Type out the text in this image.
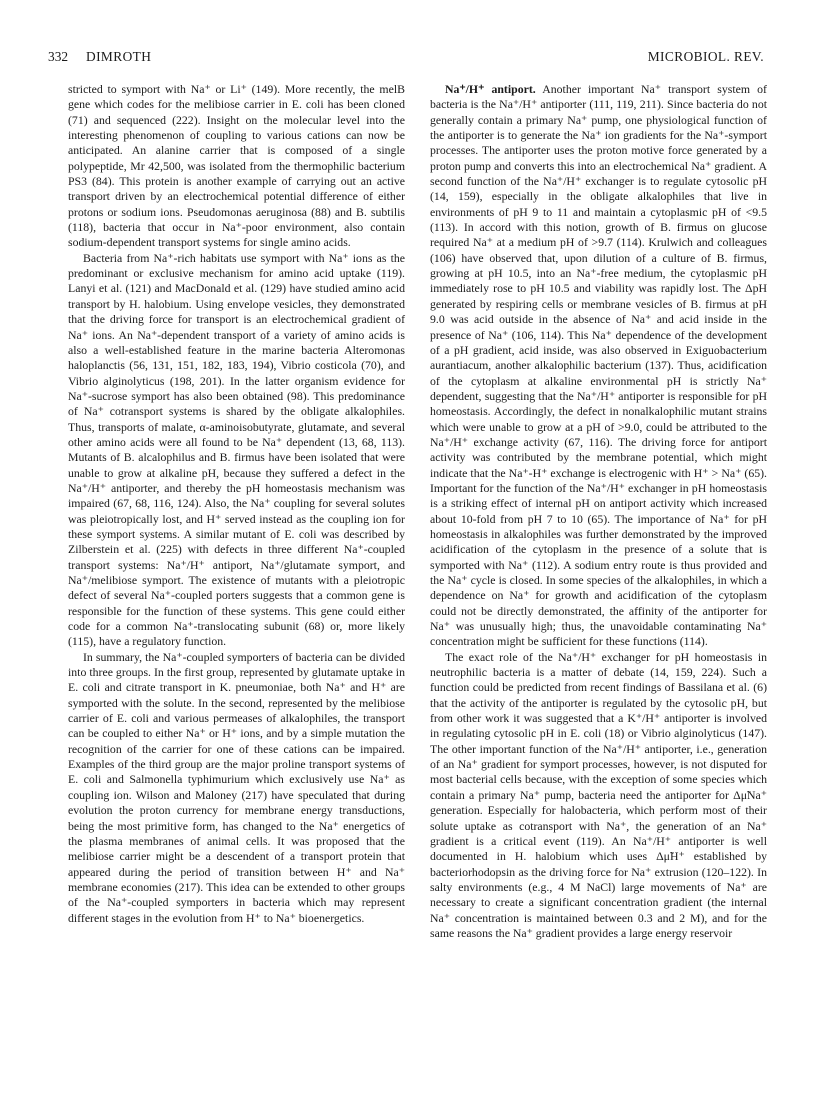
332 DIMROTH	MICROBIOL. REV.

stricted to symport with Na⁺ or Li⁺ (149). More recently, the melB gene which codes for the melibiose carrier in E. coli has been cloned (71) and sequenced (222). Insight on the molecular level into the interesting phenomenon of coupling to various cations can now be anticipated. An alanine carrier that is composed of a single polypeptide, Mr 42,500, was isolated from the thermophilic bacterium PS3 (84). This protein is another example of carrying out an active transport driven by an electrochemical potential difference of either protons or sodium ions. Pseudomonas aeruginosa (88) and B. subtilis (118), bacteria that occur in Na⁺-poor environment, also contain sodium-dependent transport systems for single amino acids.

Bacteria from Na⁺-rich habitats use symport with Na⁺ ions as the predominant or exclusive mechanism for amino acid uptake (119). Lanyi et al. (121) and MacDonald et al. (129) have studied amino acid transport by H. halobium. Using envelope vesicles, they demonstrated that the driving force for transport is an electrochemical gradient of Na⁺ ions. An Na⁺-dependent transport of a variety of amino acids is also a well-established feature in the marine bacteria Alteromonas haloplanctis (56, 131, 151, 182, 183, 194), Vibrio costicola (70), and Vibrio alginolyticus (198, 201). In the latter organism evidence for Na⁺-sucrose symport has also been obtained (98). This predominance of Na⁺ cotransport systems is shared by the obligate alkalophiles. Thus, transports of malate, α-aminoisobutyrate, glutamate, and several other amino acids were all found to be Na⁺ dependent (13, 68, 113). Mutants of B. alcalophilus and B. firmus have been isolated that were unable to grow at alkaline pH, because they suffered a defect in the Na⁺/H⁺ antiporter, and thereby the pH homeostasis mechanism was impaired (67, 68, 116, 124). Also, the Na⁺ coupling for several solutes was pleiotropically lost, and H⁺ served instead as the coupling ion for these symport systems. A similar mutant of E. coli was described by Zilberstein et al. (225) with defects in three different Na⁺-coupled transport systems: Na⁺/H⁺ antiport, Na⁺/glutamate symport, and Na⁺/melibiose symport. The existence of mutants with a pleiotropic defect of several Na⁺-coupled porters suggests that a common gene is responsible for the function of these systems. This gene could either code for a common Na⁺-translocating subunit (68) or, more likely (115), have a regulatory function.

In summary, the Na⁺-coupled symporters of bacteria can be divided into three groups. In the first group, represented by glutamate uptake in E. coli and citrate transport in K. pneumoniae, both Na⁺ and H⁺ are symported with the solute. In the second, represented by the melibiose carrier of E. coli and various permeases of alkalophiles, the transport can be coupled to either Na⁺ or H⁺ ions, and by a simple mutation the recognition of the carrier for one of these cations can be impaired. Examples of the third group are the major proline transport systems of E. coli and Salmonella typhimurium which exclusively use Na⁺ as coupling ion. Wilson and Maloney (217) have speculated that during evolution the proton currency for membrane energy transductions, being the most primitive form, has changed to the Na⁺ energetics of the plasma membranes of animal cells. It was proposed that the melibiose carrier might be a descendent of a transport protein that appeared during the period of transition between H⁺ and Na⁺ membrane economies (217). This idea can be extended to other groups of the Na⁺-coupled symporters in bacteria which may represent different stages in the evolution from H⁺ to Na⁺ bioenergetics.

Na⁺/H⁺ antiport. Another important Na⁺ transport system of bacteria is the Na⁺/H⁺ antiporter (111, 119, 211). Since bacteria do not generally contain a primary Na⁺ pump, one physiological function of the antiporter is to generate the Na⁺ ion gradients for the Na⁺-symport processes. The antiporter uses the proton motive force generated by a proton pump and converts this into an electrochemical Na⁺ gradient. A second function of the Na⁺/H⁺ exchanger is to regulate cytosolic pH (14, 159), especially in the obligate alkalophiles that live in environments of pH 9 to 11 and maintain a cytoplasmic pH of <9.5 (113). In accord with this notion, growth of B. firmus on glucose required Na⁺ at a medium pH of >9.7 (114). Krulwich and colleagues (106) have observed that, upon dilution of a culture of B. firmus, growing at pH 10.5, into an Na⁺-free medium, the cytoplasmic pH immediately rose to pH 10.5 and viability was rapidly lost. The ΔpH generated by respiring cells or membrane vesicles of B. firmus at pH 9.0 was acid outside in the absence of Na⁺ and acid inside in the presence of Na⁺ (106, 114). This Na⁺ dependence of the development of a pH gradient, acid inside, was also observed in Exiguobacterium aurantiacum, another alkalophilic bacterium (137). Thus, acidification of the cytoplasm at alkaline environmental pH is strictly Na⁺ dependent, suggesting that the Na⁺/H⁺ antiporter is responsible for pH homeostasis. Accordingly, the defect in nonalkalophilic mutant strains which were unable to grow at a pH of >9.0, could be attributed to the Na⁺/H⁺ exchange activity (67, 116). The driving force for antiport activity was contributed by the membrane potential, which might indicate that the Na⁺-H⁺ exchange is electrogenic with H⁺ > Na⁺ (65). Important for the function of the Na⁺/H⁺ exchanger in pH homeostasis is a striking effect of internal pH on antiport activity which increased about 10-fold from pH 7 to 10 (65). The importance of Na⁺ for pH homeostasis in alkalophiles was further demonstrated by the improved acidification of the cytoplasm in the presence of a solute that is symported with Na⁺ (112). A sodium entry route is thus provided and the Na⁺ cycle is closed. In some species of the alkalophiles, in which a dependence on Na⁺ for growth and acidification of the cytoplasm could not be directly demonstrated, the affinity of the antiporter for Na⁺ was unusually high; thus, the unavoidable contaminating Na⁺ concentration might be sufficient for these functions (114).

The exact role of the Na⁺/H⁺ exchanger for pH homeostasis in neutrophilic bacteria is a matter of debate (14, 159, 224). Such a function could be predicted from recent findings of Bassilana et al. (6) that the activity of the antiporter is regulated by the cytosolic pH, but from other work it was suggested that a K⁺/H⁺ antiporter is involved in regulating cytosolic pH in E. coli (18) or Vibrio alginolyticus (147). The other important function of the Na⁺/H⁺ antiporter, i.e., generation of an Na⁺ gradient for symport processes, however, is not disputed for most bacterial cells because, with the exception of some species which contain a primary Na⁺ pump, bacteria need the antiporter for Δμ̃Na⁺ generation. Especially for halobacteria, which perform most of their solute uptake as cotransport with Na⁺, the generation of an Na⁺ gradient is a critical event (119). An Na⁺/H⁺ antiporter is well documented in H. halobium which uses Δμ̃H⁺ established by bacteriorhodopsin as the driving force for Na⁺ extrusion (120–122). In salty environments (e.g., 4 M NaCl) large movements of Na⁺ are necessary to create a significant concentration gradient (the internal Na⁺ concentration is maintained between 0.3 and 2 M), and for the same reasons the Na⁺ gradient provides a large energy reservoir
